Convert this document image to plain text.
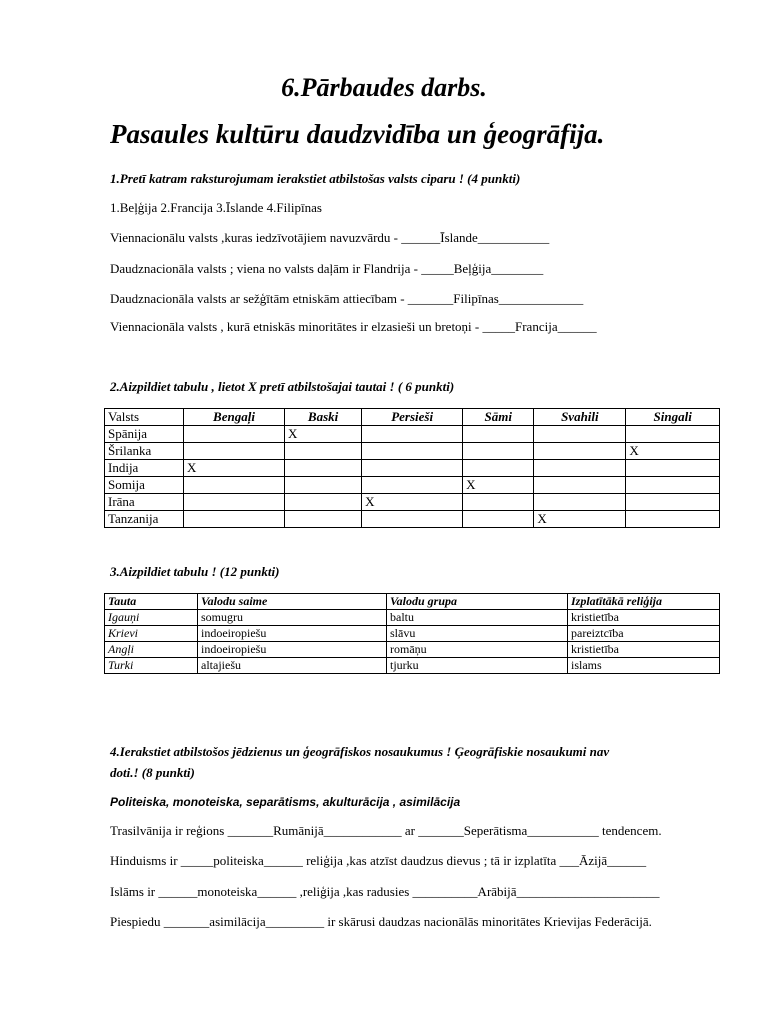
6.Pārbaudes darbs.
Pasaules kultūru daudzvidība un ģeogrāfija.
1.Pretī katram raksturojumam ierakstiet atbilstošas valsts ciparu ! (4 punkti)
1.Beļģija 2.Francija 3.Īslande 4.Filipīnas
Viennacionālu valsts ,kuras iedzīvotājiem navuzvārdu - ______Īslande___________
Daudznacionāla valsts ; viena no valsts daļām ir Flandrija - _____Beļģija________
Daudznacionāla valsts ar sežģītām etniskām attiecībam - _______Filipīnas_____________
Viennacionāla valsts , kurā etniskās minoritātes ir elzasieši un bretoņi - _____Francija______
2.Aizpildiet tabulu , lietot X pretī atbilstošajai tautai ! ( 6 punkti)
Valsts	Bengaļi	Baski	Persieši	Sāmi	Svahili	Singali
Spānija		X				
Šrilanka						X
Indija	X					
Somija				X		
Irāna			X			
Tanzanija					X	
3.Aizpildiet tabulu ! (12 punkti)
Tauta	Valodu saime	Valodu grupa	Izplatītākā reliģija
Igauņi	somugru	baltu	kristietība
Krievi	indoeiropiešu	slāvu	pareiztcība
Angļi	indoeiropiešu	romāņu	kristietība
Turki	altajiešu	tjurku	islams
4.Ierakstiet atbilstošos jēdzienus un ģeogrāfiskos nosaukumus ! Ģeogrāfiskie nosaukumi nav
doti.! (8 punkti)
Politeiska, monoteiska, separātisms, akulturācija , asimilācija
Trasilvānija ir reģions _______Rumānijā____________ ar _______Seperātisma___________ tendencem.
Hinduisms ir _____politeiska______ reliģija ,kas atzīst daudzus dievus ; tā ir izplatīta ___Āzijā______
Islāms ir ______monoteiska______ ,reliģija ,kas radusies __________Arābijā______________________
Piespiedu _______asimilācija_________ ir skārusi daudzas nacionālās minoritātes Krievijas Federācijā.
